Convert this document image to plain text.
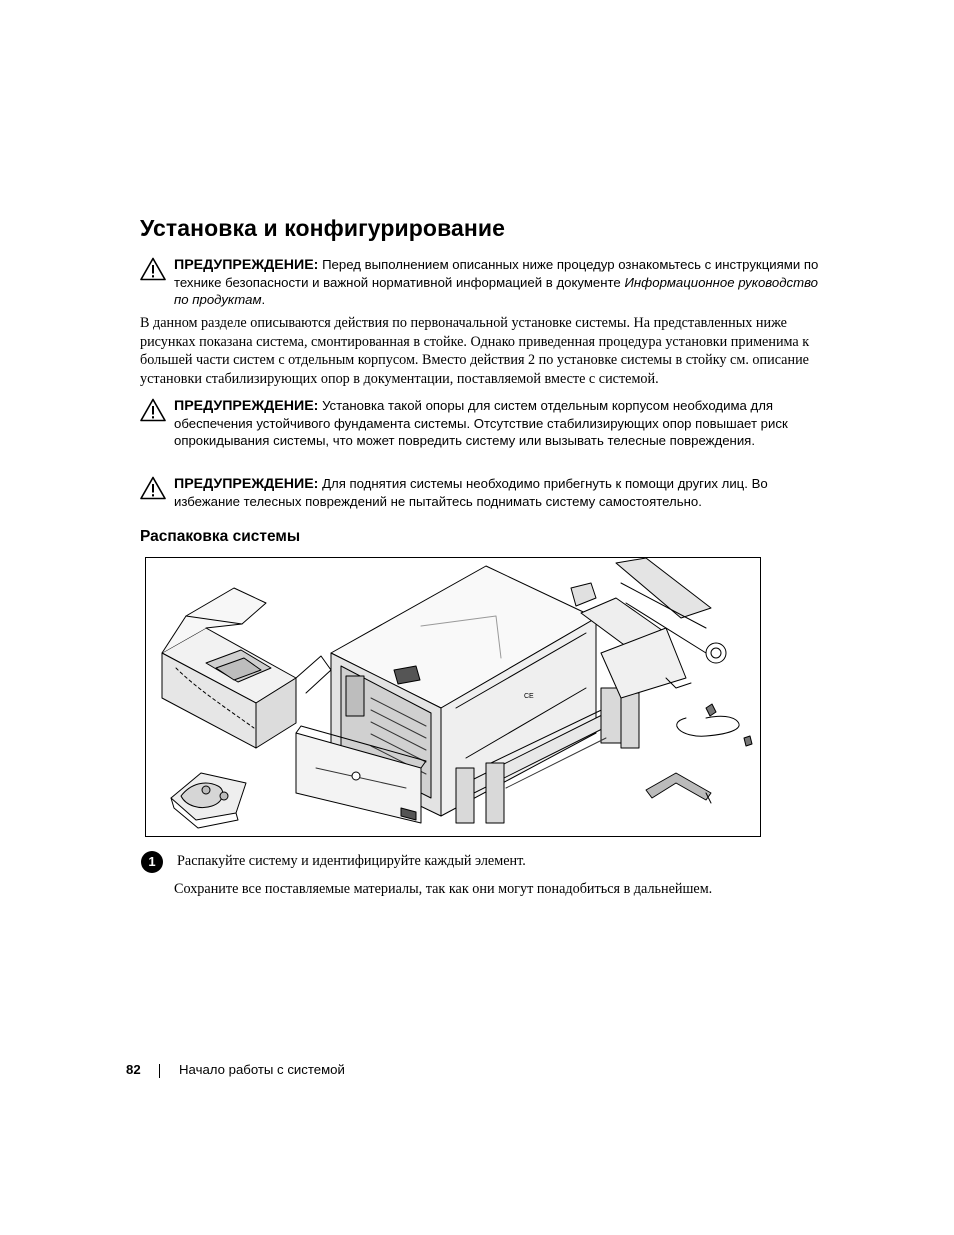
Установка и конфигурирование
ПРЕДУПРЕЖДЕНИЕ: Перед выполнением описанных ниже процедур ознакомьтесь с инструкциями по технике безопасности и важной нормативной информацией в документе Информационное руководство по продуктам.

В данном разделе описываются действия по первоначальной установке системы. На представленных ниже рисунках показана система, смонтированная в стойке. Однако приведенная процедура установки применима к большей части систем с отдельным корпусом. Вместо действия 2 по установке системы в стойку см. описание установки стабилизирующих опор в документации, поставляемой вместе с системой.

ПРЕДУПРЕЖДЕНИЕ: Установка такой опоры для систем отдельным корпусом необходима для обеспечения устойчивого фундамента системы. Отсутствие стабилизирующих опор повышает риск опрокидывания системы, что может повредить систему или вызывать телесные повреждения.
ПРЕДУПРЕЖДЕНИЕ: Для поднятия системы необходимо прибегнуть к помощи других лиц. Во избежание телесных повреждений не пытайтесь поднимать систему самостоятельно.
Распаковка системы
CE
1	Распакуйте систему и идентифицируйте каждый элемент.

Сохраните все поставляемые материалы, так как они могут понадобиться в дальнейшем.

82	Начало работы с системой
